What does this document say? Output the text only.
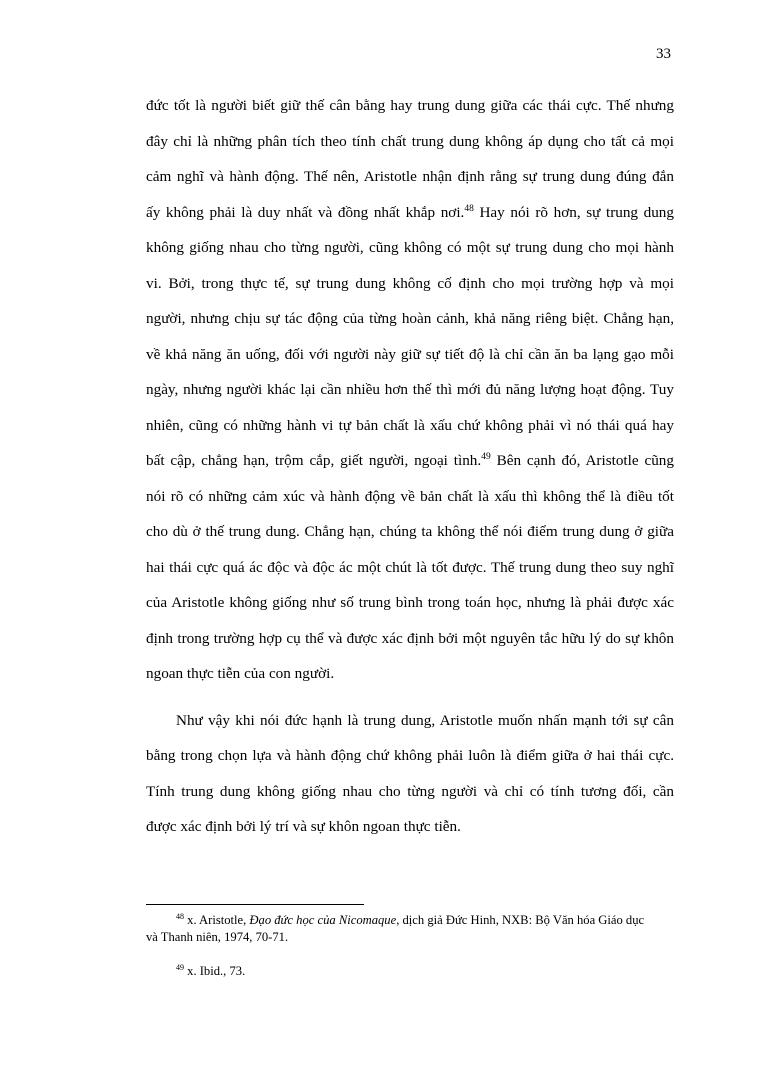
33
đức tốt là người biết giữ thế cân bằng hay trung dung giữa các thái cực. Thế nhưng
đây chỉ là những phân tích theo tính chất trung dung không áp dụng cho tất cả mọi
cảm nghĩ và hành động. Thế nên, Aristotle nhận định rằng sự trung dung đúng đắn
ấy không phải là duy nhất và đồng nhất khắp nơi.$^{48}$ Hay nói rõ hơn, sự trung dung
không giống nhau cho từng người, cũng không có một sự trung dung cho mọi hành
vi. Bởi, trong thực tế, sự trung dung không cố định cho mọi trường hợp và mọi
người, nhưng chịu sự tác động của từng hoàn cảnh, khả năng riêng biệt. Chẳng hạn,
về khả năng ăn uống, đối với người này giữ sự tiết độ là chỉ cần ăn ba lạng gạo mỗi
ngày, nhưng người khác lại cần nhiều hơn thế thì mới đủ năng lượng hoạt động. Tuy
nhiên, cũng có những hành vi tự bản chất là xấu chứ không phải vì nó thái quá hay
bất cập, chẳng hạn, trộm cắp, giết người, ngoại tình.$^{49}$ Bên cạnh đó, Aristotle cũng
nói rõ có những cảm xúc và hành động về bản chất là xấu thì không thể là điều tốt
cho dù ở thế trung dung. Chẳng hạn, chúng ta không thể nói điểm trung dung ở giữa
hai thái cực quá ác độc và độc ác một chút là tốt được. Thế trung dung theo suy nghĩ
của Aristotle không giống như số trung bình trong toán học, nhưng là phải được xác
định trong trường hợp cụ thể và được xác định bởi một nguyên tắc hữu lý do sự khôn
ngoan thực tiễn của con người.
Như vậy khi nói đức hạnh là trung dung, Aristotle muốn nhấn mạnh tới sự cân
bằng trong chọn lựa và hành động chứ không phải luôn là điểm giữa ở hai thái cực.
Tính trung dung không giống nhau cho từng người và chỉ có tính tương đối, cần
được xác định bởi lý trí và sự khôn ngoan thực tiễn.
$^{48}$ x. Aristotle, Đạo đức học của Nicomaque, dịch giả Đức Hinh, NXB: Bộ Văn hóa Giáo dục
và Thanh niên, 1974, 70-71.
$^{49}$ x. Ibid., 73.
